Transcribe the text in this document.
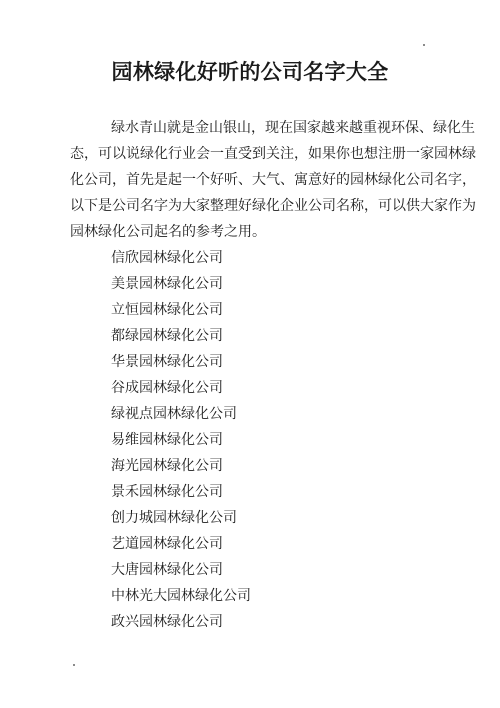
园林绿化好听的公司名字大全

绿水青山就是金山银山，现在国家越来越重视环保、绿化生
态，可以说绿化行业会一直受到关注，如果你也想注册一家园林绿
化公司，首先是起一个好听、大气、寓意好的园林绿化公司名字，
以下是公司名字为大家整理好绿化企业公司名称，可以供大家作为
园林绿化公司起名的参考之用。

信欣园林绿化公司
美景园林绿化公司
立恒园林绿化公司
都绿园林绿化公司
华景园林绿化公司
谷成园林绿化公司
绿视点园林绿化公司
易维园林绿化公司
海光园林绿化公司
景禾园林绿化公司
创力城园林绿化公司
艺道园林绿化公司
大唐园林绿化公司
中林光大园林绿化公司
政兴园林绿化公司
